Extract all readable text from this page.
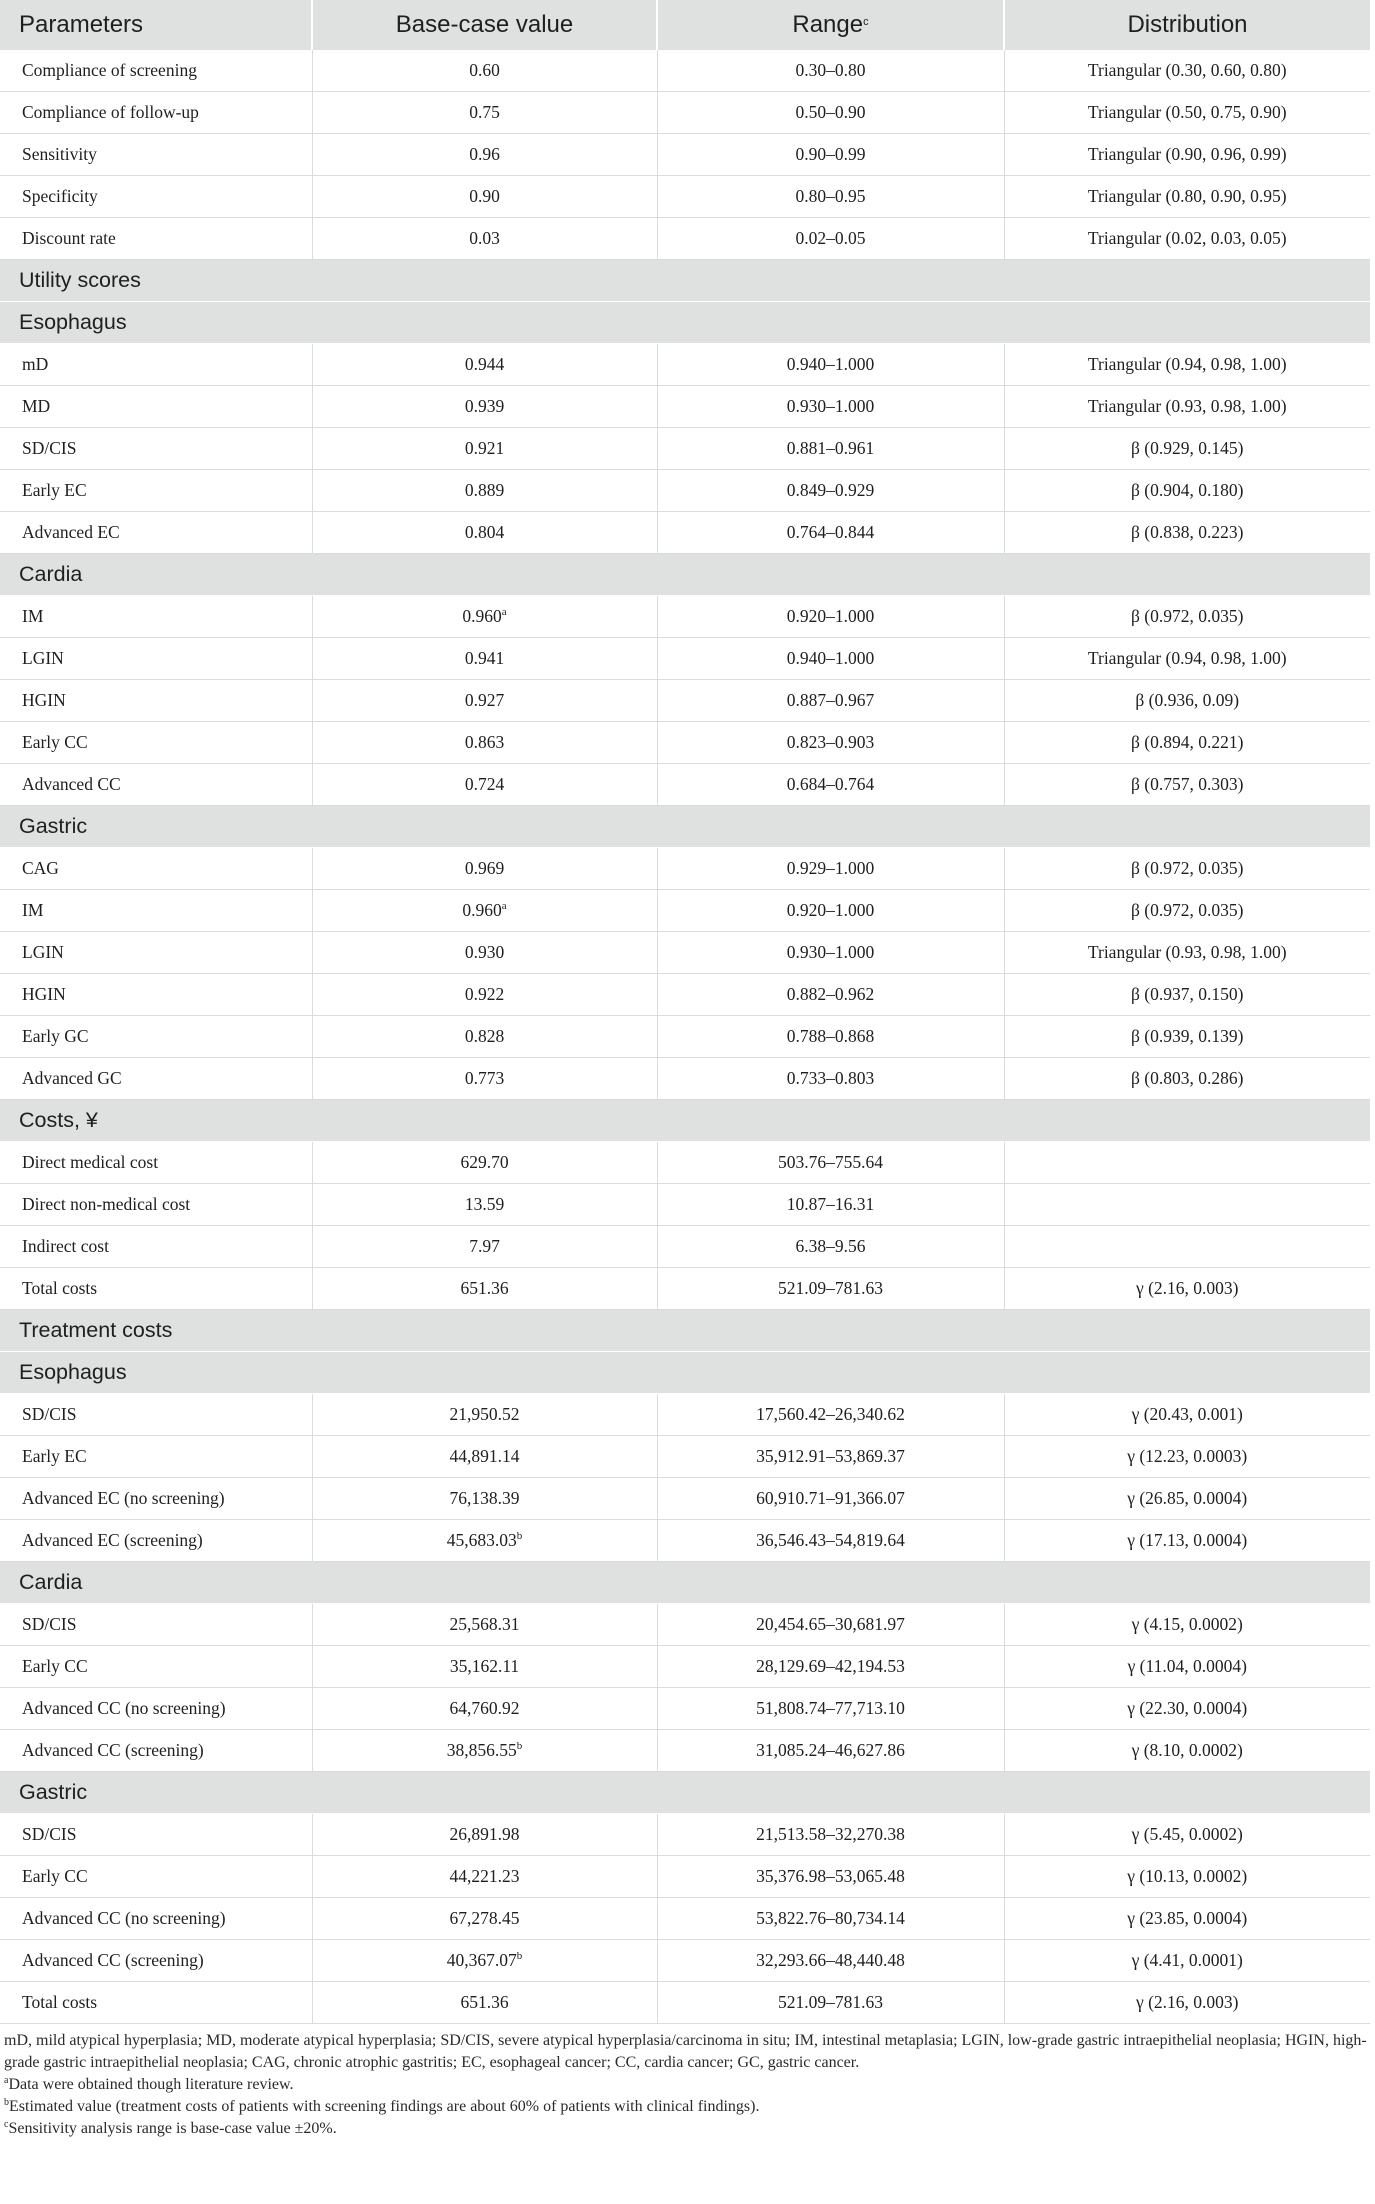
Parameters	Base-case value	Range$^c$	Distribution
Compliance of screening	0.60	0.30–0.80	Triangular (0.30, 0.60, 0.80)
Compliance of follow-up	0.75	0.50–0.90	Triangular (0.50, 0.75, 0.90)
Sensitivity	0.96	0.90–0.99	Triangular (0.90, 0.96, 0.99)
Specificity	0.90	0.80–0.95	Triangular (0.80, 0.90, 0.95)
Discount rate	0.03	0.02–0.05	Triangular (0.02, 0.03, 0.05)
Utility scores			
Esophagus			
mD	0.944	0.940–1.000	Triangular (0.94, 0.98, 1.00)
MD	0.939	0.930–1.000	Triangular (0.93, 0.98, 1.00)
SD/CIS	0.921	0.881–0.961	β (0.929, 0.145)
Early EC	0.889	0.849–0.929	β (0.904, 0.180)
Advanced EC	0.804	0.764–0.844	β (0.838, 0.223)
Cardia			
IM	0.960$^a$	0.920–1.000	β (0.972, 0.035)
LGIN	0.941	0.940–1.000	Triangular (0.94, 0.98, 1.00)
HGIN	0.927	0.887–0.967	β (0.936, 0.09)
Early CC	0.863	0.823–0.903	β (0.894, 0.221)
Advanced CC	0.724	0.684–0.764	β (0.757, 0.303)
Gastric			
CAG	0.969	0.929–1.000	β (0.972, 0.035)
IM	0.960$^a$	0.920–1.000	β (0.972, 0.035)
LGIN	0.930	0.930–1.000	Triangular (0.93, 0.98, 1.00)
HGIN	0.922	0.882–0.962	β (0.937, 0.150)
Early GC	0.828	0.788–0.868	β (0.939, 0.139)
Advanced GC	0.773	0.733–0.803	β (0.803, 0.286)
Costs, ¥			
Direct medical cost	629.70	503.76–755.64	
Direct non-medical cost	13.59	10.87–16.31	
Indirect cost	7.97	6.38–9.56	
Total costs	651.36	521.09–781.63	γ (2.16, 0.003)
Treatment costs			
Esophagus			
SD/CIS	21,950.52	17,560.42–26,340.62	γ (20.43, 0.001)
Early EC	44,891.14	35,912.91–53,869.37	γ (12.23, 0.0003)
Advanced EC (no screening)	76,138.39	60,910.71–91,366.07	γ (26.85, 0.0004)
Advanced EC (screening)	45,683.03$^b$	36,546.43–54,819.64	γ (17.13, 0.0004)
Cardia			
SD/CIS	25,568.31	20,454.65–30,681.97	γ (4.15, 0.0002)
Early CC	35,162.11	28,129.69–42,194.53	γ (11.04, 0.0004)
Advanced CC (no screening)	64,760.92	51,808.74–77,713.10	γ (22.30, 0.0004)
Advanced CC (screening)	38,856.55$^b$	31,085.24–46,627.86	γ (8.10, 0.0002)
Gastric			
SD/CIS	26,891.98	21,513.58–32,270.38	γ (5.45, 0.0002)
Early CC	44,221.23	35,376.98–53,065.48	γ (10.13, 0.0002)
Advanced CC (no screening)	67,278.45	53,822.76–80,734.14	γ (23.85, 0.0004)
Advanced CC (screening)	40,367.07$^b$	32,293.66–48,440.48	γ (4.41, 0.0001)
Total costs	651.36	521.09–781.63	γ (2.16, 0.003)

mD, mild atypical hyperplasia; MD, moderate atypical hyperplasia; SD/CIS, severe atypical hyperplasia/carcinoma in situ; IM, intestinal metaplasia; LGIN, low-grade gastric intraepithelial neoplasia; HGIN, high-grade gastric intraepithelial neoplasia; CAG, chronic atrophic gastritis; EC, esophageal cancer; CC, cardia cancer; GC, gastric cancer.

$^a$Data were obtained though literature review.

$^b$Estimated value (treatment costs of patients with screening findings are about 60% of patients with clinical findings).

$^c$Sensitivity analysis range is base-case value ±20%.
